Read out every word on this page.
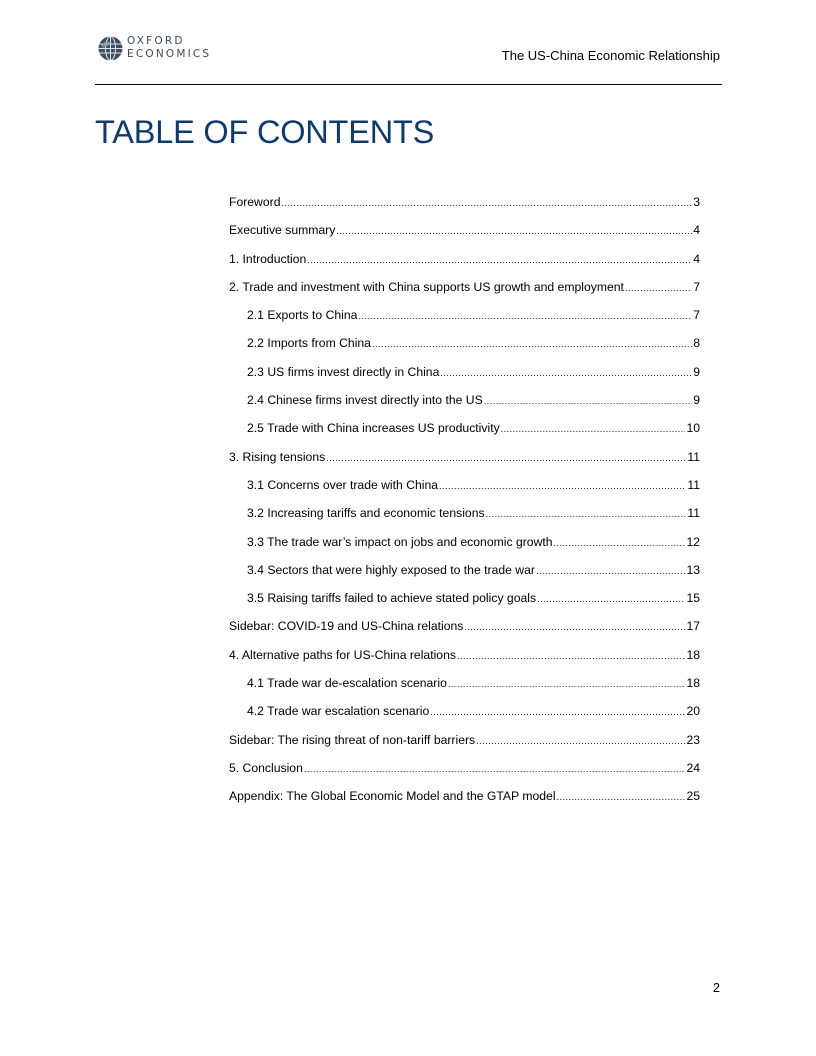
OXFORD
ECONOMICS	The US-China Economic Relationship
TABLE OF CONTENTS
Foreword .....	3
Executive summary .....	4
1. Introduction .....	4
2. Trade and investment with China supports US growth and employment .....	7
2.1 Exports to China .....	7
2.2 Imports from China .....	8
2.3 US firms invest directly in China .....	9
2.4 Chinese firms invest directly into the US .....	9
2.5 Trade with China increases US productivity .....	10
3. Rising tensions .....	11
3.1 Concerns over trade with China .....	11
3.2 Increasing tariffs and economic tensions .....	11
3.3 The trade war’s impact on jobs and economic growth .....	12
3.4 Sectors that were highly exposed to the trade war .....	13
3.5 Raising tariffs failed to achieve stated policy goals .....	15
Sidebar: COVID-19 and US-China relations .....	17
4. Alternative paths for US-China relations .....	18
4.1 Trade war de-escalation scenario .....	18
4.2 Trade war escalation scenario .....	20
Sidebar: The rising threat of non-tariff barriers .....	23
5. Conclusion .....	24
Appendix: The Global Economic Model and the GTAP model .....	25
2
